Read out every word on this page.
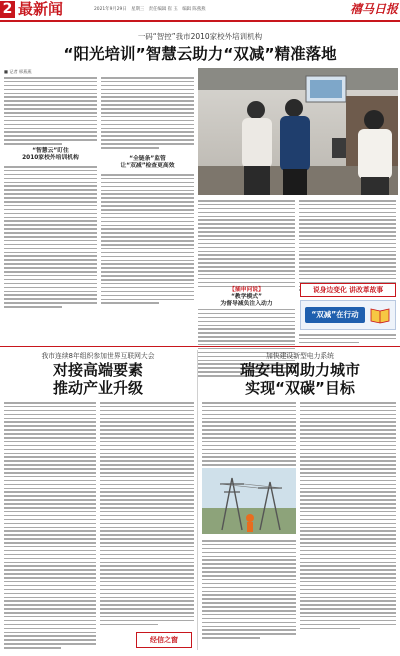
2 最新闻	2021年9月29日　星期三　责任编辑 崔 玉　编辑 陈燕燕	禧马日报
一码“智控”我市2010家校外培训机构
“阳光培训”智慧云助力“双减”精准落地
■ 记者 邢燕燕
“智慧云”盯住
2010家校外培训机构	“全链条”监管
让“双减”检查更高效
【插申问说】
“教学模式”
为督导减负注入动力
说身边变化 讲改革故事
“双减”在行动
我市连续8年组织参加世界互联网大会
对接高端要素
推动产业升级
经信之窗
加快建设新型电力系统
瑞安电网助力城市
实现“双碳”目标
